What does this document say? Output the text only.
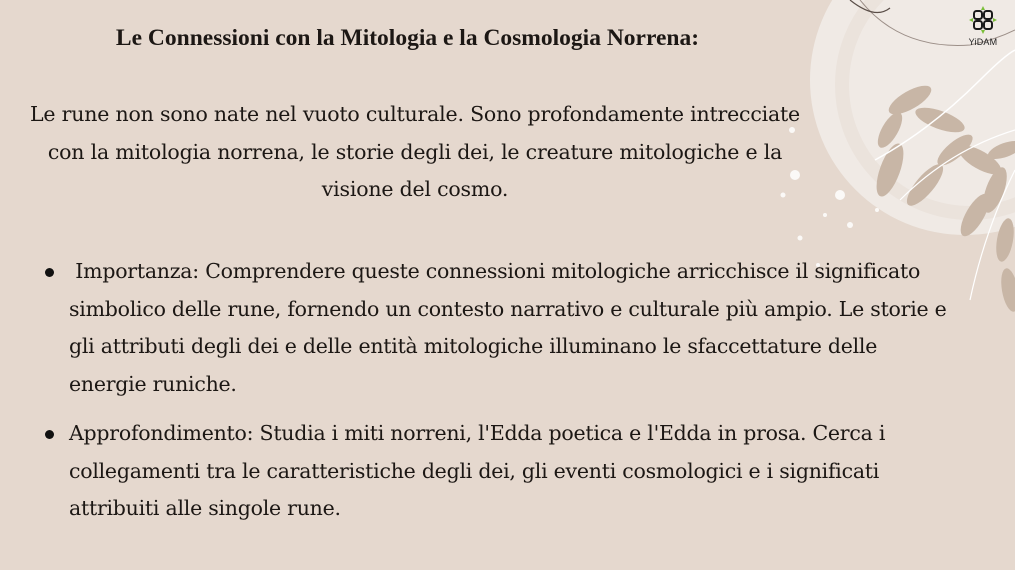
YiDAM
Le Connessioni con la Mitologia e la Cosmologia Norrena:

Le rune non sono nate nel vuoto culturale. Sono profondamente intrecciate con la mitologia norrena, le storie degli dei, le creature mitologiche e la visione del cosmo.

Importanza: Comprendere queste connessioni mitologiche arricchisce il significato simbolico delle rune, fornendo un contesto narrativo e culturale più ampio. Le storie e gli attributi degli dei e delle entità mitologiche illuminano le sfaccettature delle energie runiche.
Approfondimento: Studia i miti norreni, l'Edda poetica e l'Edda in prosa. Cerca i collegamenti tra le caratteristiche degli dei, gli eventi cosmologici e i significati attribuiti alle singole rune.
